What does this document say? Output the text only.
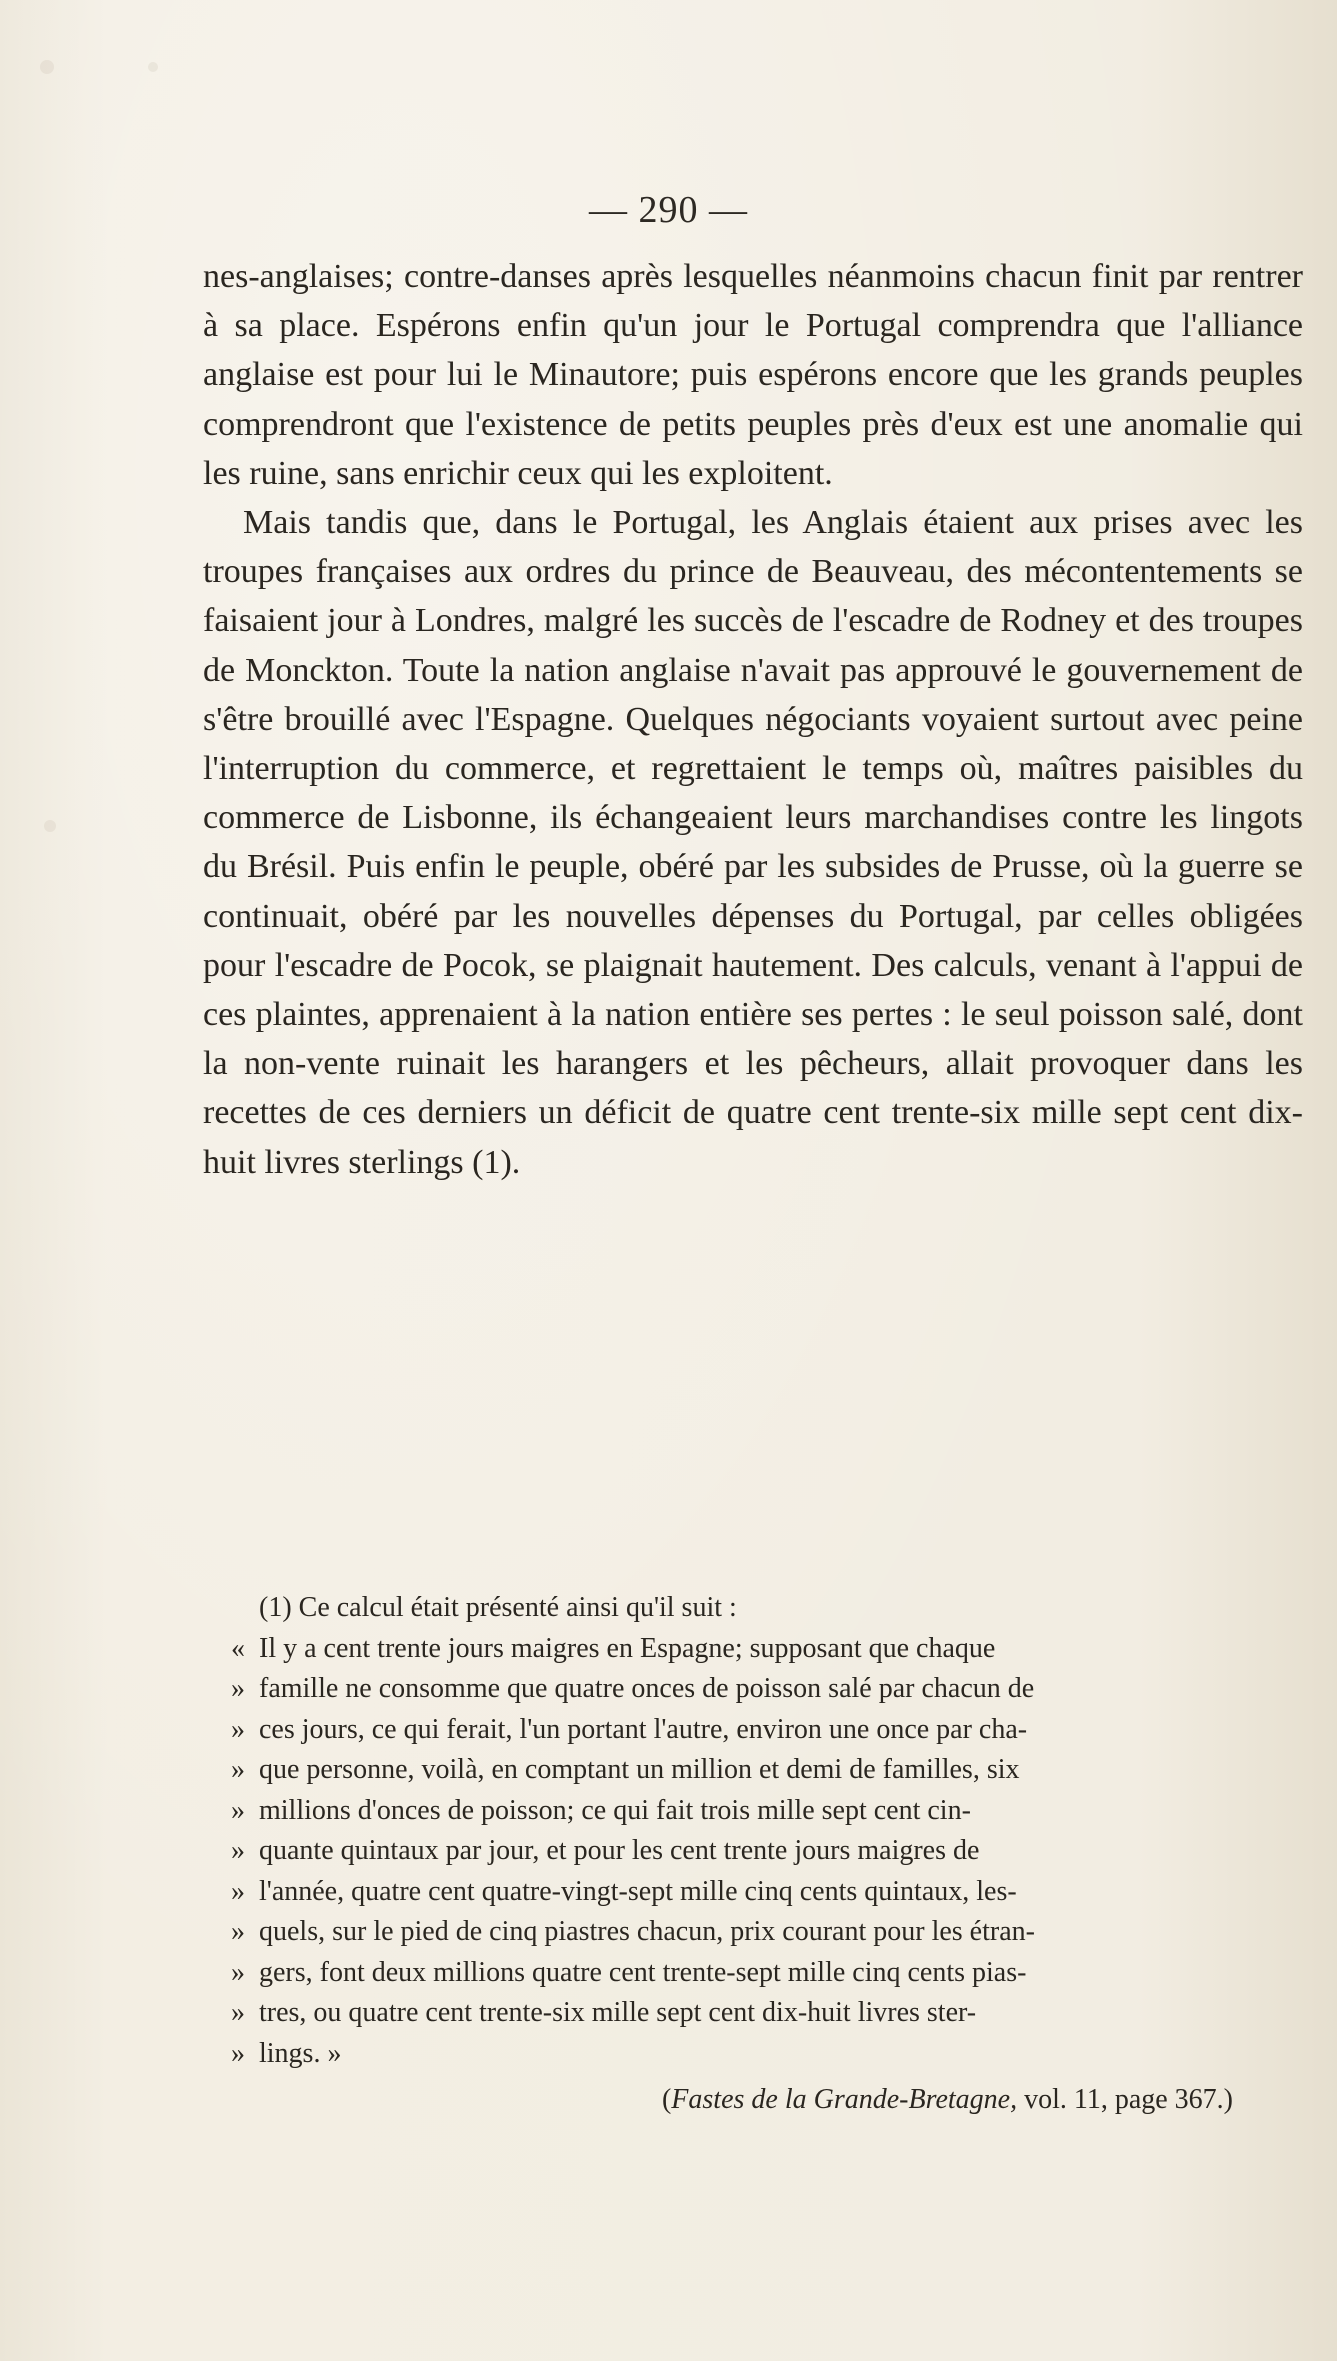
— 290 —

nes-anglaises; contre-danses après lesquelles néanmoins chacun finit par rentrer à sa place. Espérons enfin qu'un jour le Portugal comprendra que l'alliance anglaise est pour lui le Minautore; puis espérons encore que les grands peuples comprendront que l'existence de petits peuples près d'eux est une anomalie qui les ruine, sans enrichir ceux qui les exploitent.

Mais tandis que, dans le Portugal, les Anglais étaient aux prises avec les troupes françaises aux ordres du prince de Beauveau, des mécontentements se faisaient jour à Londres, malgré les succès de l'escadre de Rodney et des troupes de Monckton. Toute la nation anglaise n'avait pas approuvé le gouvernement de s'être brouillé avec l'Espagne. Quelques négociants voyaient surtout avec peine l'interruption du commerce, et regrettaient le temps où, maîtres paisibles du commerce de Lisbonne, ils échangeaient leurs marchandises contre les lingots du Brésil. Puis enfin le peuple, obéré par les subsides de Prusse, où la guerre se continuait, obéré par les nouvelles dépenses du Portugal, par celles obligées pour l'escadre de Pocok, se plaignait hautement. Des calculs, venant à l'appui de ces plaintes, apprenaient à la nation entière ses pertes : le seul poisson salé, dont la non-vente ruinait les harangers et les pêcheurs, allait provoquer dans les recettes de ces derniers un déficit de quatre cent trente-six mille sept cent dix-huit livres sterlings (1).

(1) Ce calcul était présenté ainsi qu'il suit :

« Il y a cent trente jours maigres en Espagne; supposant que chaque

» famille ne consomme que quatre onces de poisson salé par chacun de

» ces jours, ce qui ferait, l'un portant l'autre, environ une once par cha-

» que personne, voilà, en comptant un million et demi de familles, six

» millions d'onces de poisson; ce qui fait trois mille sept cent cin-

» quante quintaux par jour, et pour les cent trente jours maigres de

» l'année, quatre cent quatre-vingt-sept mille cinq cents quintaux, les-

» quels, sur le pied de cinq piastres chacun, prix courant pour les étran-

» gers, font deux millions quatre cent trente-sept mille cinq cents pias-

» tres, ou quatre cent trente-six mille sept cent dix-huit livres ster-

» lings. »

(Fastes de la Grande-Bretagne, vol. 11, page 367.)
